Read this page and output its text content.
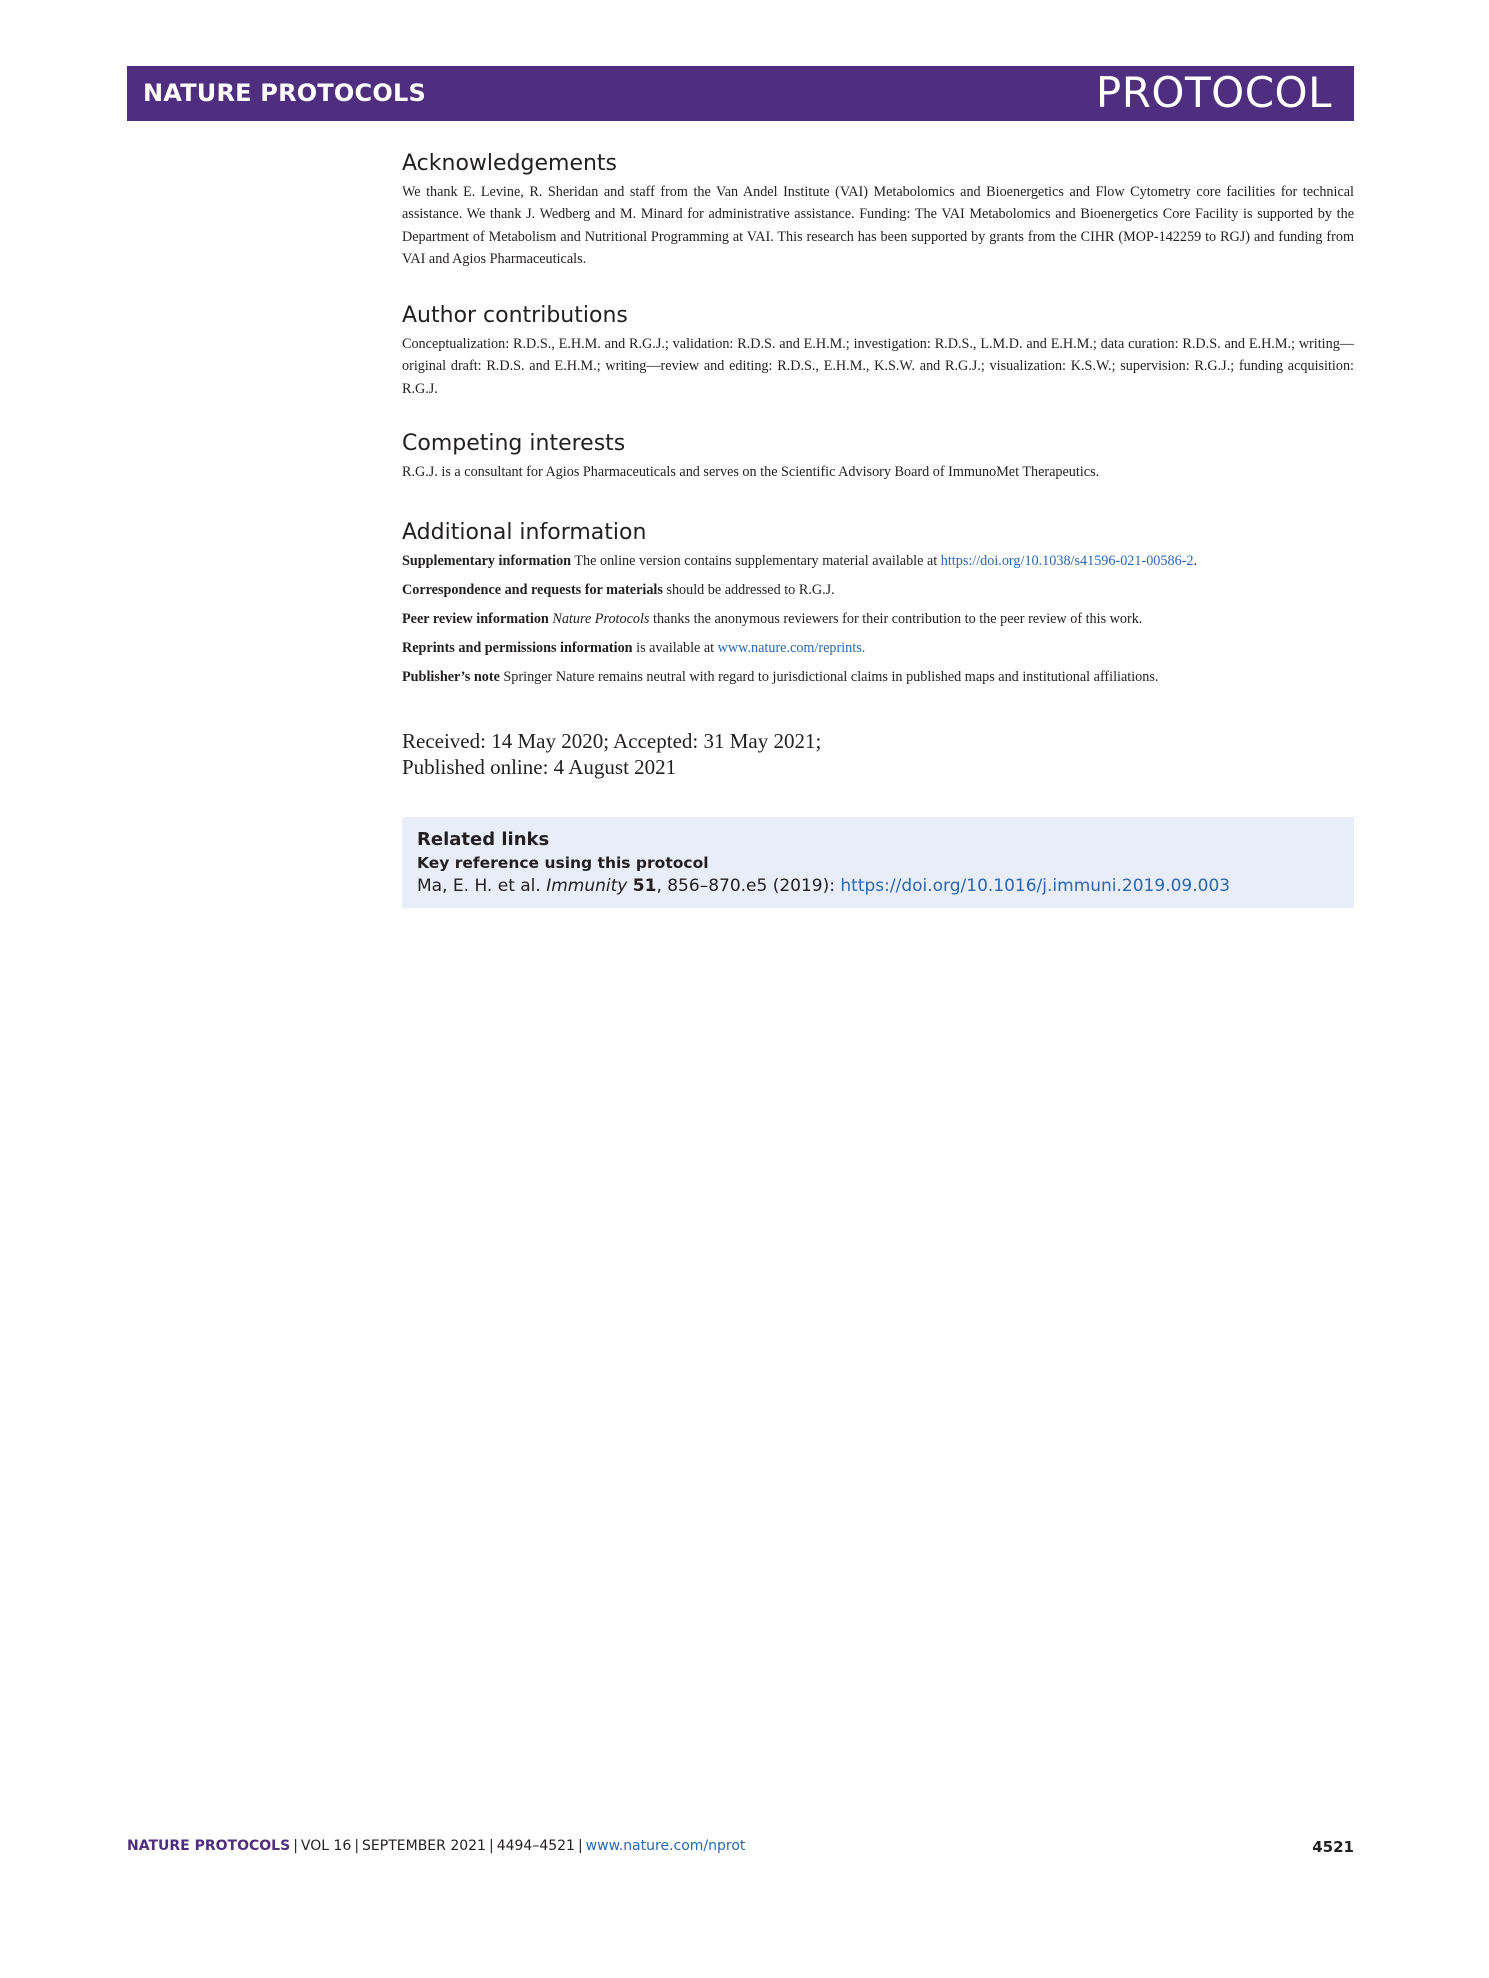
NATURE PROTOCOLS	PROTOCOL
Acknowledgements

We thank E. Levine, R. Sheridan and staff from the Van Andel Institute (VAI) Metabolomics and Bioenergetics and Flow Cytometry core facilities for technical assistance. We thank J. Wedberg and M. Minard for administrative assistance. Funding: The VAI Metabolomics and Bioenergetics Core Facility is supported by the Department of Metabolism and Nutritional Programming at VAI. This research has been supported by grants from the CIHR (MOP-142259 to RGJ) and funding from VAI and Agios Pharmaceuticals.

Author contributions

Conceptualization: R.D.S., E.H.M. and R.G.J.; validation: R.D.S. and E.H.M.; investigation: R.D.S., L.M.D. and E.H.M.; data curation: R.D.S. and E.H.M.; writing—original draft: R.D.S. and E.H.M.; writing—review and editing: R.D.S., E.H.M., K.S.W. and R.G.J.; visualization: K.S.W.; supervision: R.G.J.; funding acquisition: R.G.J.

Competing interests

R.G.J. is a consultant for Agios Pharmaceuticals and serves on the Scientific Advisory Board of ImmunoMet Therapeutics.

Additional information

Supplementary information The online version contains supplementary material available at https://doi.org/10.1038/s41596-021-00586-2.

Correspondence and requests for materials should be addressed to R.G.J.

Peer review information Nature Protocols thanks the anonymous reviewers for their contribution to the peer review of this work.

Reprints and permissions information is available at www.nature.com/reprints.

Publisher’s note Springer Nature remains neutral with regard to jurisdictional claims in published maps and institutional affiliations.

Received: 14 May 2020; Accepted: 31 May 2021;
Published online: 4 August 2021
Related links
Key reference using this protocol
Ma, E. H. et al. Immunity 51, 856–870.e5 (2019): https://doi.org/10.1016/j.immuni.2019.09.003
NATURE PROTOCOLS | VOL 16 | SEPTEMBER 2021 | 4494–4521 | www.nature.com/nprot	4521
